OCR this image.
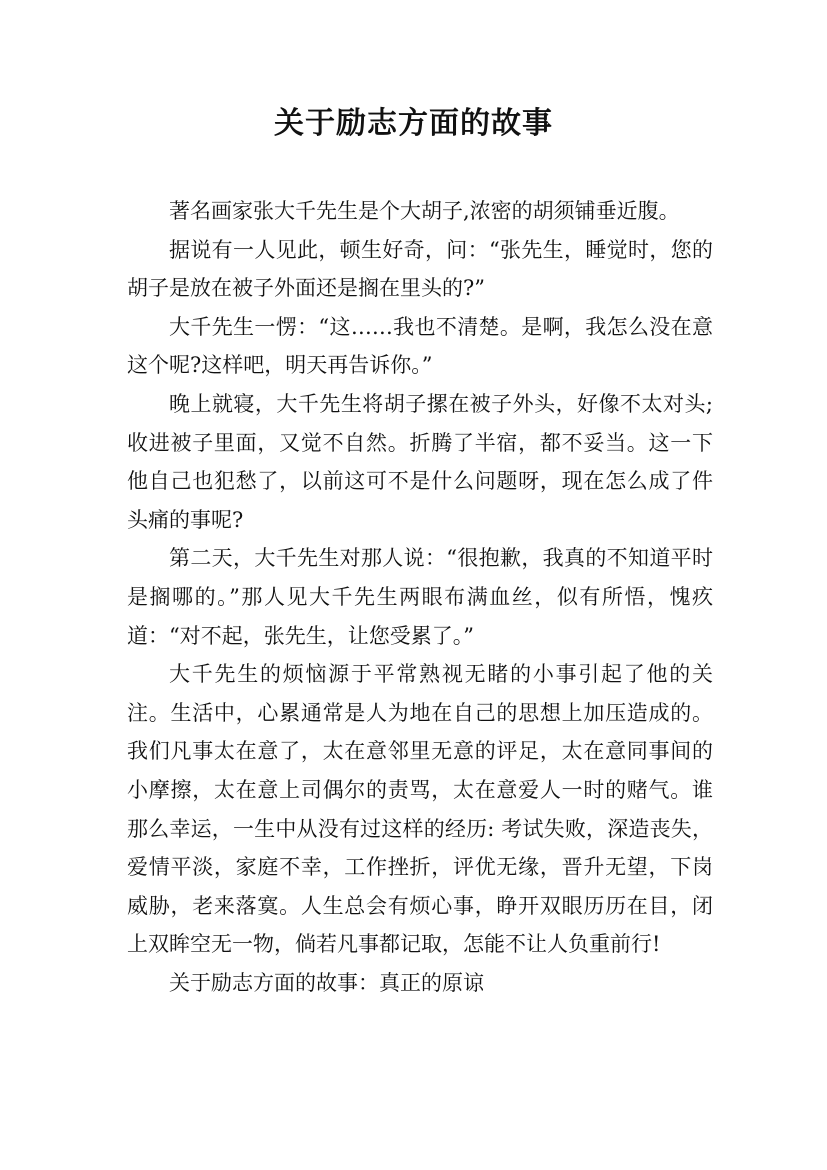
关于励志方面的故事

著名画家张大千先生是个大胡子,浓密的胡须铺垂近腹。

据说有一人见此，顿生好奇，问：“张先生，睡觉时，您的胡子是放在被子外面还是搁在里头的?”

大千先生一愣：“这……我也不清楚。是啊，我怎么没在意这个呢?这样吧，明天再告诉你。”

晚上就寝，大千先生将胡子摞在被子外头，好像不太对头;收进被子里面，又觉不自然。折腾了半宿，都不妥当。这一下他自己也犯愁了，以前这可不是什么问题呀，现在怎么成了件头痛的事呢?

第二天，大千先生对那人说：“很抱歉，我真的不知道平时是搁哪的。”那人见大千先生两眼布满血丝，似有所悟，愧疚道：“对不起，张先生，让您受累了。”

大千先生的烦恼源于平常熟视无睹的小事引起了他的关注。生活中，心累通常是人为地在自己的思想上加压造成的。我们凡事太在意了，太在意邻里无意的评足，太在意同事间的小摩擦，太在意上司偶尔的责骂，太在意爱人一时的赌气。谁那么幸运，一生中从没有过这样的经历: 考试失败，深造丧失，爱情平淡，家庭不幸，工作挫折，评优无缘，晋升无望，下岗威胁，老来落寞。人生总会有烦心事，睁开双眼历历在目，闭上双眸空无一物，倘若凡事都记取，怎能不让人负重前行!

关于励志方面的故事：真正的原谅
